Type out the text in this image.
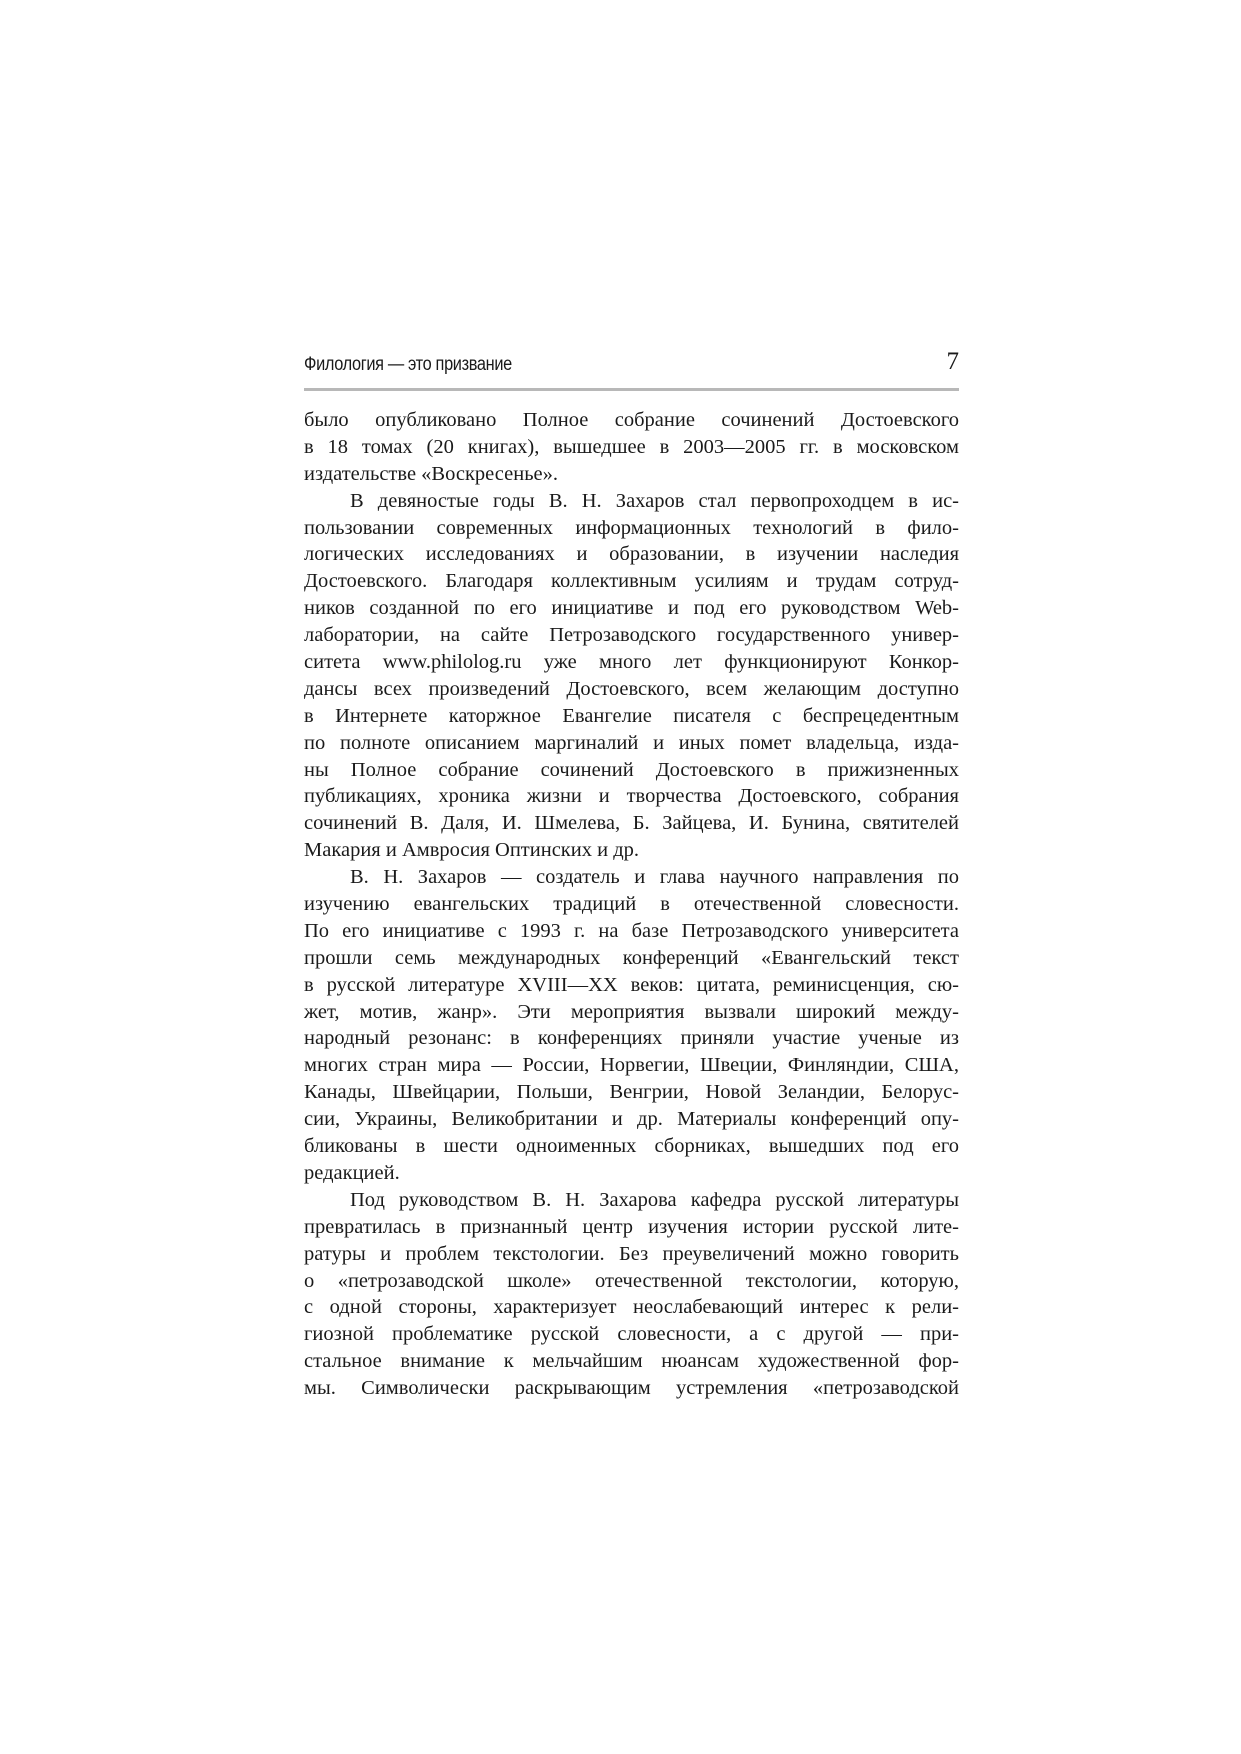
Филология — это призвание	7
было опубликовано Полное собрание сочинений Достоевского
в 18 томах (20 книгах), вышедшее в 2003—2005 гг. в московском
издательстве «Воскресенье».
В девяностые годы В. Н. Захаров стал первопроходцем в ис-
пользовании современных информационных технологий в фило-
логических исследованиях и образовании, в изучении наследия
Достоевского. Благодаря коллективным усилиям и трудам сотруд-
ников созданной по его инициативе и под его руководством Web-
лаборатории, на сайте Петрозаводского государственного универ-
ситета www.philolog.ru уже много лет функционируют Конкор-
дансы всех произведений Достоевского, всем желающим доступно
в Интернете каторжное Евангелие писателя с беспрецедентным
по полноте описанием маргиналий и иных помет владельца, изда-
ны Полное собрание сочинений Достоевского в прижизненных
публикациях, хроника жизни и творчества Достоевского, собрания
сочинений В. Даля, И. Шмелева, Б. Зайцева, И. Бунина, святителей
Макария и Амвросия Оптинских и др.
В. Н. Захаров — создатель и глава научного направления по
изучению евангельских традиций в отечественной словесности.
По его инициативе с 1993 г. на базе Петрозаводского университета
прошли семь международных конференций «Евангельский текст
в русской литературе XVIII—XX веков: цитата, реминисценция, сю-
жет, мотив, жанр». Эти мероприятия вызвали широкий между-
народный резонанс: в конференциях приняли участие ученые из
многих стран мира — России, Норвегии, Швеции, Финляндии, США,
Канады, Швейцарии, Польши, Венгрии, Новой Зеландии, Белорус-
сии, Украины, Великобритании и др. Материалы конференций опу-
бликованы в шести одноименных сборниках, вышедших под его
редакцией.
Под руководством В. Н. Захарова кафедра русской литературы
превратилась в признанный центр изучения истории русской лите-
ратуры и проблем текстологии. Без преувеличений можно говорить
о «петрозаводской школе» отечественной текстологии, которую,
с одной стороны, характеризует неослабевающий интерес к рели-
гиозной проблематике русской словесности, а с другой — при-
стальное внимание к мельчайшим нюансам художественной фор-
мы. Символически раскрывающим устремления «петрозаводской
